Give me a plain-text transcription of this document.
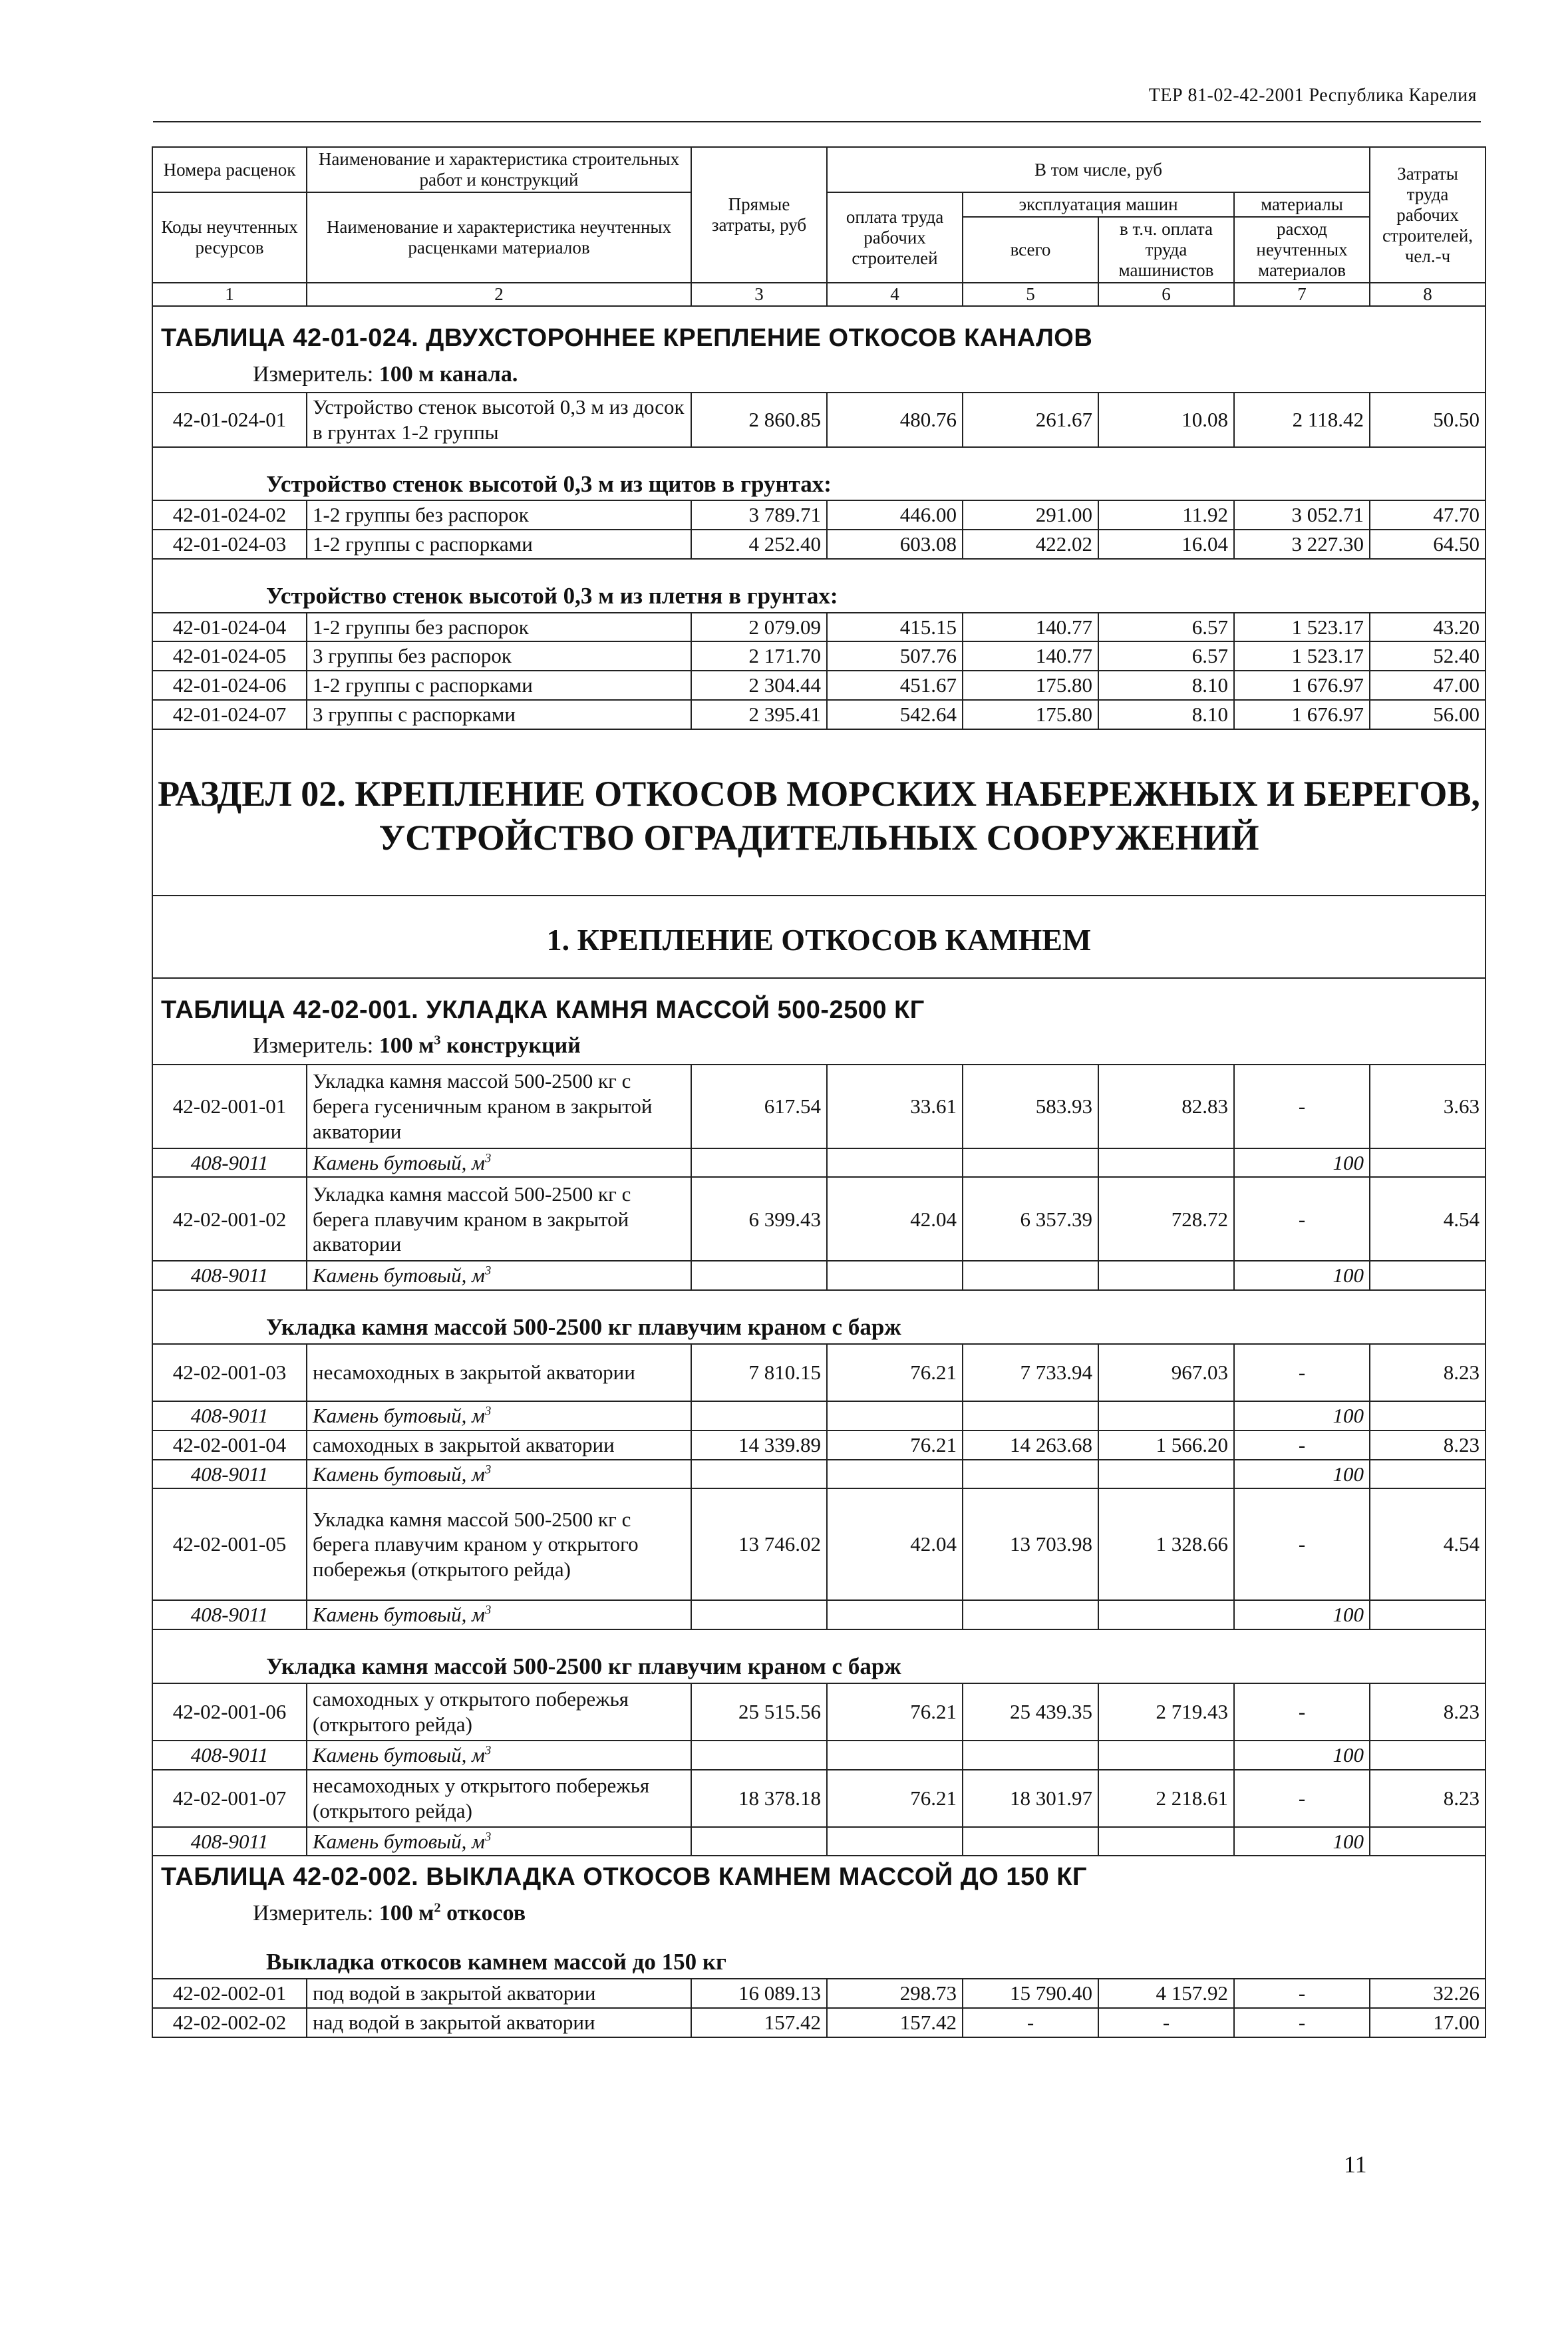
ТЕР 81-02-42-2001 Республика Карелия
Номера расценок	Наименование и характеристика строительных работ и конструкций	Прямые затраты, руб	В том числе, руб				Затраты труда рабочих строителей, чел.-ч
Коды неучтенных ресурсов	Наименование и характеристика неучтенных расценками материалов		оплата труда рабочих строителей	эксплуатация машин		материалы	
				всего	в т.ч. оплата труда машинистов	расход неучтенных материалов	
1	2	3	4	5	6	7	8

ТАБЛИЦА 42-01-024. ДВУХСТОРОННЕЕ КРЕПЛЕНИЕ ОТКОСОВ КАНАЛОВ
Измеритель: 100 м канала.							

42-01-024-01	Устройство стенок высотой 0,3 м из досок в грунтах 1-2 группы	2 860.85	480.76	261.67	10.08	2 118.42	50.50

Устройство стенок высотой 0,3 м из щитов в грунтах:							

42-01-024-02	1-2 группы без распорок	3 789.71	446.00	291.00	11.92	3 052.71	47.70
42-01-024-03	1-2 группы с распорками	4 252.40	603.08	422.02	16.04	3 227.30	64.50

Устройство стенок высотой 0,3 м из плетня в грунтах:							

42-01-024-04	1-2 группы без распорок	2 079.09	415.15	140.77	6.57	1 523.17	43.20
42-01-024-05	3 группы без распорок	2 171.70	507.76	140.77	6.57	1 523.17	52.40
42-01-024-06	1-2 группы с распорками	2 304.44	451.67	175.80	8.10	1 676.97	47.00
42-01-024-07	3 группы с распорками	2 395.41	542.64	175.80	8.10	1 676.97	56.00

РАЗДЕЛ 02. КРЕПЛЕНИЕ ОТКОСОВ МОРСКИХ НАБЕРЕЖНЫХ И БЕРЕГОВ,
УСТРОЙСТВО ОГРАДИТЕЛЬНЫХ СООРУЖЕНИЙ							

1. КРЕПЛЕНИЕ ОТКОСОВ КАМНЕМ							

ТАБЛИЦА 42-02-001. УКЛАДКА КАМНЯ МАССОЙ 500-2500 КГ
Измеритель: 100 $м^3$ конструкций							

42-02-001-01	Укладка камня массой 500-2500 кг с берега гусеничным краном в закрытой акватории	617.54	33.61	583.93	82.83	-	3.63
408-9011	Камень бутовый, $м^3$					100	
42-02-001-02	Укладка камня массой 500-2500 кг с берега плавучим краном в закрытой акватории	6 399.43	42.04	6 357.39	728.72	-	4.54
408-9011	Камень бутовый, $м^3$					100	

Укладка камня массой 500-2500 кг плавучим краном с барж							

42-02-001-03	несамоходных в закрытой акватории	7 810.15	76.21	7 733.94	967.03	-	8.23
408-9011	Камень бутовый, $м^3$					100	
42-02-001-04	самоходных в закрытой акватории	14 339.89	76.21	14 263.68	1 566.20	-	8.23
408-9011	Камень бутовый, $м^3$					100	
42-02-001-05	Укладка камня массой 500-2500 кг с берега плавучим краном у открытого побережья (открытого рейда)	13 746.02	42.04	13 703.98	1 328.66	-	4.54
408-9011	Камень бутовый, $м^3$					100	

Укладка камня массой 500-2500 кг плавучим краном с барж							

42-02-001-06	самоходных у открытого побережья (открытого рейда)	25 515.56	76.21	25 439.35	2 719.43	-	8.23
408-9011	Камень бутовый, $м^3$					100	
42-02-001-07	несамоходных у открытого побережья (открытого рейда)	18 378.18	76.21	18 301.97	2 218.61	-	8.23
408-9011	Камень бутовый, $м^3$					100	

ТАБЛИЦА 42-02-002. ВЫКЛАДКА ОТКОСОВ КАМНЕМ МАССОЙ ДО 150 КГ
Измеритель: 100 $м^2$ откосов
Выкладка откосов камнем массой до 150 кг							

42-02-002-01	под водой в закрытой акватории	16 089.13	298.73	15 790.40	4 157.92	-	32.26
42-02-002-02	над водой в закрытой акватории	157.42	157.42	-	-	-	17.00
11
